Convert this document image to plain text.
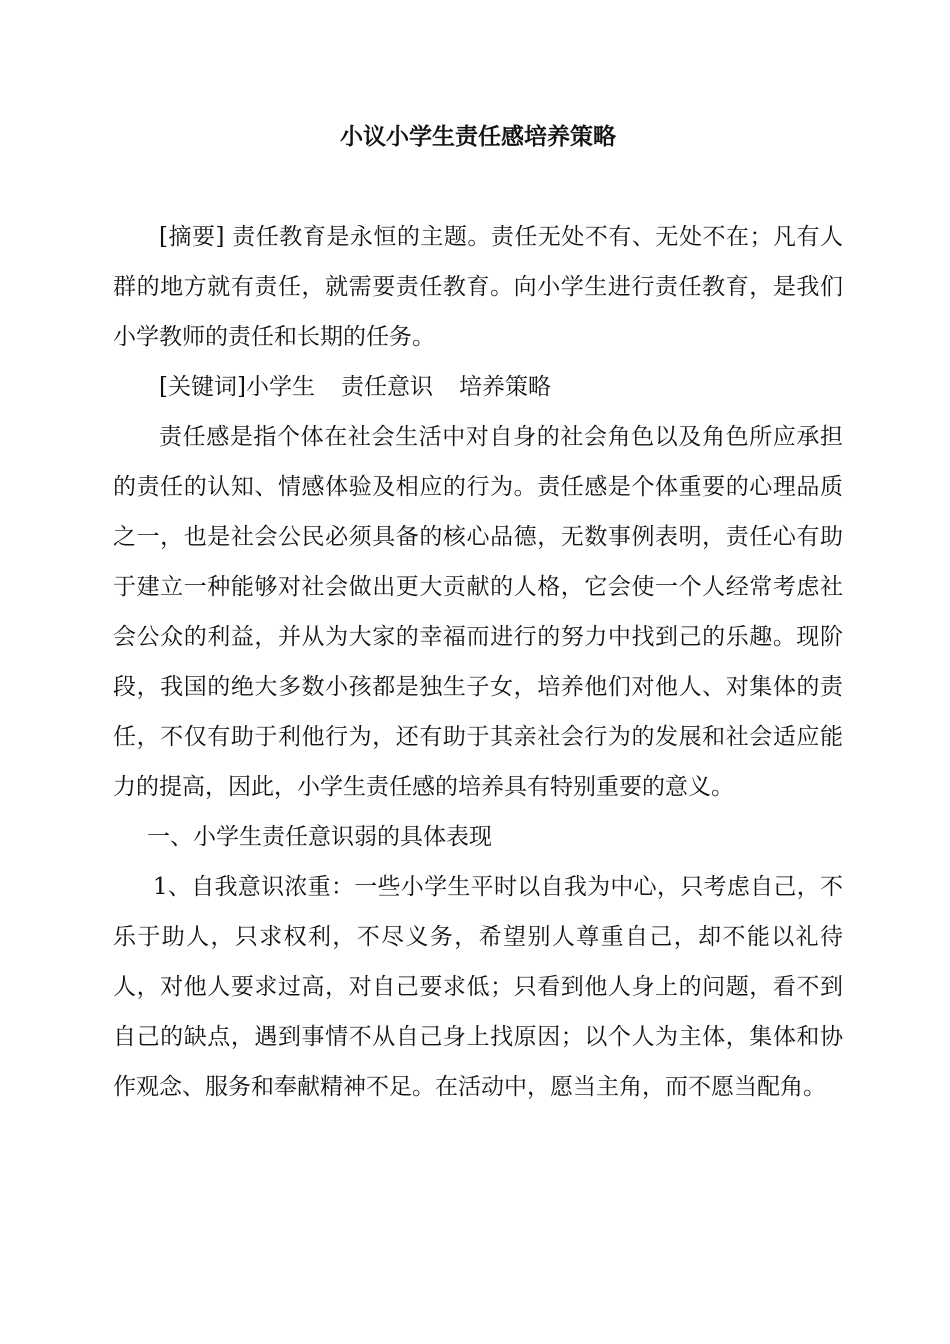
小议小学生责任感培养策略

[摘要] 责任教育是永恒的主题。责任无处不有、无处不在；凡有人群的地方就有责任，就需要责任教育。向小学生进行责任教育，是我们小学教师的责任和长期的任务。

[关键词]小学生 责任意识 培养策略

责任感是指个体在社会生活中对自身的社会角色以及角色所应承担的责任的认知、情感体验及相应的行为。责任感是个体重要的心理品质之一，也是社会公民必须具备的核心品德，无数事例表明，责任心有助于建立一种能够对社会做出更大贡献的人格，它会使一个人经常考虑社会公众的利益，并从为大家的幸福而进行的努力中找到己的乐趣。现阶段，我国的绝大多数小孩都是独生子女，培养他们对他人、对集体的责任，不仅有助于利他行为，还有助于其亲社会行为的发展和社会适应能力的提高，因此，小学生责任感的培养具有特别重要的意义。

一、小学生责任意识弱的具体表现

1、自我意识浓重：一些小学生平时以自我为中心，只考虑自己，不乐于助人，只求权利，不尽义务，希望别人尊重自己，却不能以礼待人，对他人要求过高，对自己要求低；只看到他人身上的问题，看不到自己的缺点，遇到事情不从自己身上找原因；以个人为主体，集体和协作观念、服务和奉献精神不足。在活动中，愿当主角，而不愿当配角。
